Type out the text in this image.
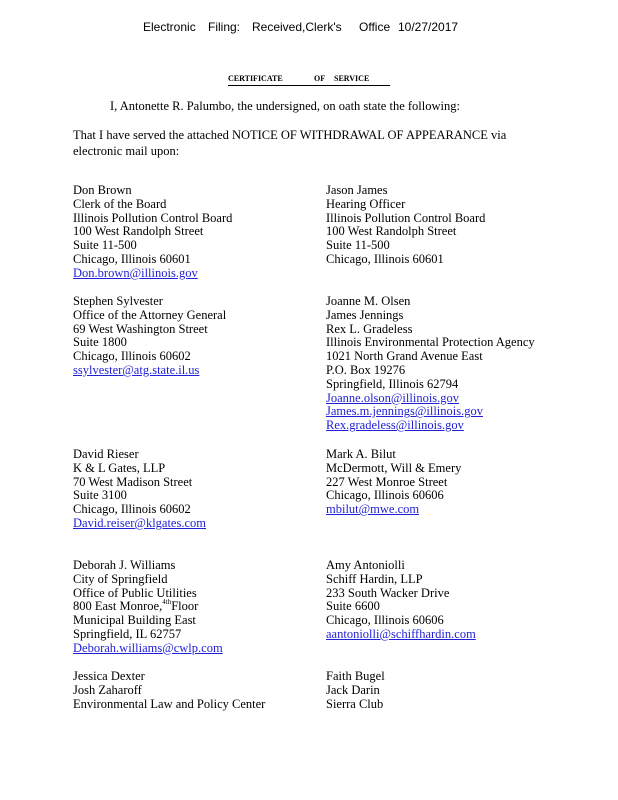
Electronic Filing: Received,Clerk's Office 10/27/2017
CERTIFICATE	OF SERVICE
I, Antonette R. Palumbo, the undersigned, on oath state the following:
That I have served the attached NOTICE OF WITHDRAWAL OF APPEARANCE via
electronic mail upon:
Don Brown
Clerk of the Board
Illinois Pollution Control Board
100 West Randolph Street
Suite 11-500
Chicago, Illinois 60601
Don.brown@illinois.gov
Jason James
Hearing Officer
Illinois Pollution Control Board
100 West Randolph Street
Suite 11-500
Chicago, Illinois 60601
Stephen Sylvester
Office of the Attorney General
69 West Washington Street
Suite 1800
Chicago, Illinois 60602
ssylvester@atg.state.il.us
Joanne M. Olsen
James Jennings
Rex L. Gradeless
Illinois Environmental Protection Agency
1021 North Grand Avenue East
P.O. Box 19276
Springfield, Illinois 62794
Joanne.olson@illinois.gov
James.m.jennings@illinois.gov
Rex.gradeless@illinois.gov
David Rieser
K & L Gates, LLP
70 West Madison Street
Suite 3100
Chicago, Illinois 60602
David.reiser@klgates.com
Mark A. Bilut
McDermott, Will & Emery
227 West Monroe Street
Chicago, Illinois 60606
mbilut@mwe.com
Deborah J. Williams
City of Springfield
Office of Public Utilities
800 East Monroe,$^{4th}$Floor
Municipal Building East
Springfield, IL 62757
Deborah.williams@cwlp.com
Amy Antoniolli
Schiff Hardin, LLP
233 South Wacker Drive
Suite 6600
Chicago, Illinois 60606
aantoniolli@schiffhardin.com
Jessica Dexter
Josh Zaharoff
Environmental Law and Policy Center
Faith Bugel
Jack Darin
Sierra Club
